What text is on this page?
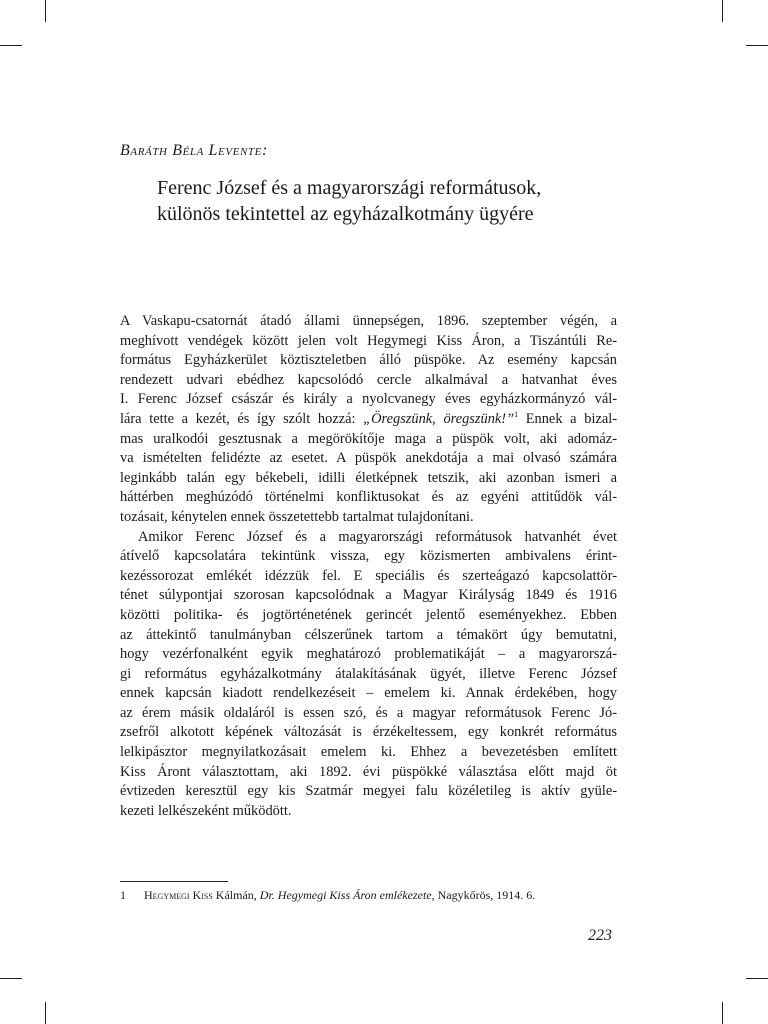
Baráth Béla Levente:
Ferenc József és a magyarországi reformátusok,
különös tekintettel az egyházalkotmány ügyére
A Vaskapu-csatornát átadó állami ünnepségen, 1896. szeptember végén, a
meghívott vendégek között jelen volt Hegymegi Kiss Áron, a Tiszántúli Re-
formátus Egyházkerület köztiszteletben álló püspöke. Az esemény kapcsán
rendezett udvari ebédhez kapcsolódó cercle alkalmával a hatvanhat éves
I. Ferenc József császár és király a nyolcvanegy éves egyházkormányzó vál-
lára tette a kezét, és így szólt hozzá: „Öregszünk, öregszünk!”$^1$ Ennek a bizal-
mas uralkodói gesztusnak a megörökítője maga a püspök volt, aki adomáz-
va ismételten felidézte az esetet. A püspök anekdotája a mai olvasó számára
leginkább talán egy békebeli, idilli életképnek tetszik, aki azonban ismeri a
háttérben meghúzódó történelmi konfliktusokat és az egyéni attitűdök vál-
tozásait, kénytelen ennek összetettebb tartalmat tulajdonítani.
Amikor Ferenc József és a magyarországi reformátusok hatvanhét évet
átívelő kapcsolatára tekintünk vissza, egy közismerten ambivalens érint-
kezéssorozat emlékét idézzük fel. E speciális és szerteágazó kapcsolattör-
ténet súlypontjai szorosan kapcsolódnak a Magyar Királyság 1849 és 1916
közötti politika- és jogtörténetének gerincét jelentő eseményekhez. Ebben
az áttekintő tanulmányban célszerűnek tartom a témakört úgy bemutatni,
hogy vezérfonalként egyik meghatározó problematikáját – a magyarorszá-
gi református egyházalkotmány átalakításának ügyét, illetve Ferenc József
ennek kapcsán kiadott rendelkezéseit – emelem ki. Annak érdekében, hogy
az érem másik oldaláról is essen szó, és a magyar reformátusok Ferenc Jó-
zsefről alkotott képének változását is érzékeltessem, egy konkrét református
lelkipásztor megnyilatkozásait emelem ki. Ehhez a bevezetésben említett
Kiss Áront választottam, aki 1892. évi püspökké választása előtt majd öt
évtizeden keresztül egy kis Szatmár megyei falu közéletileg is aktív gyüle-
kezeti lelkészeként működött.
1 Hegymegi Kiss Kálmán, Dr. Hegymegi Kiss Áron emlékezete, Nagykőrös, 1914. 6.
223
